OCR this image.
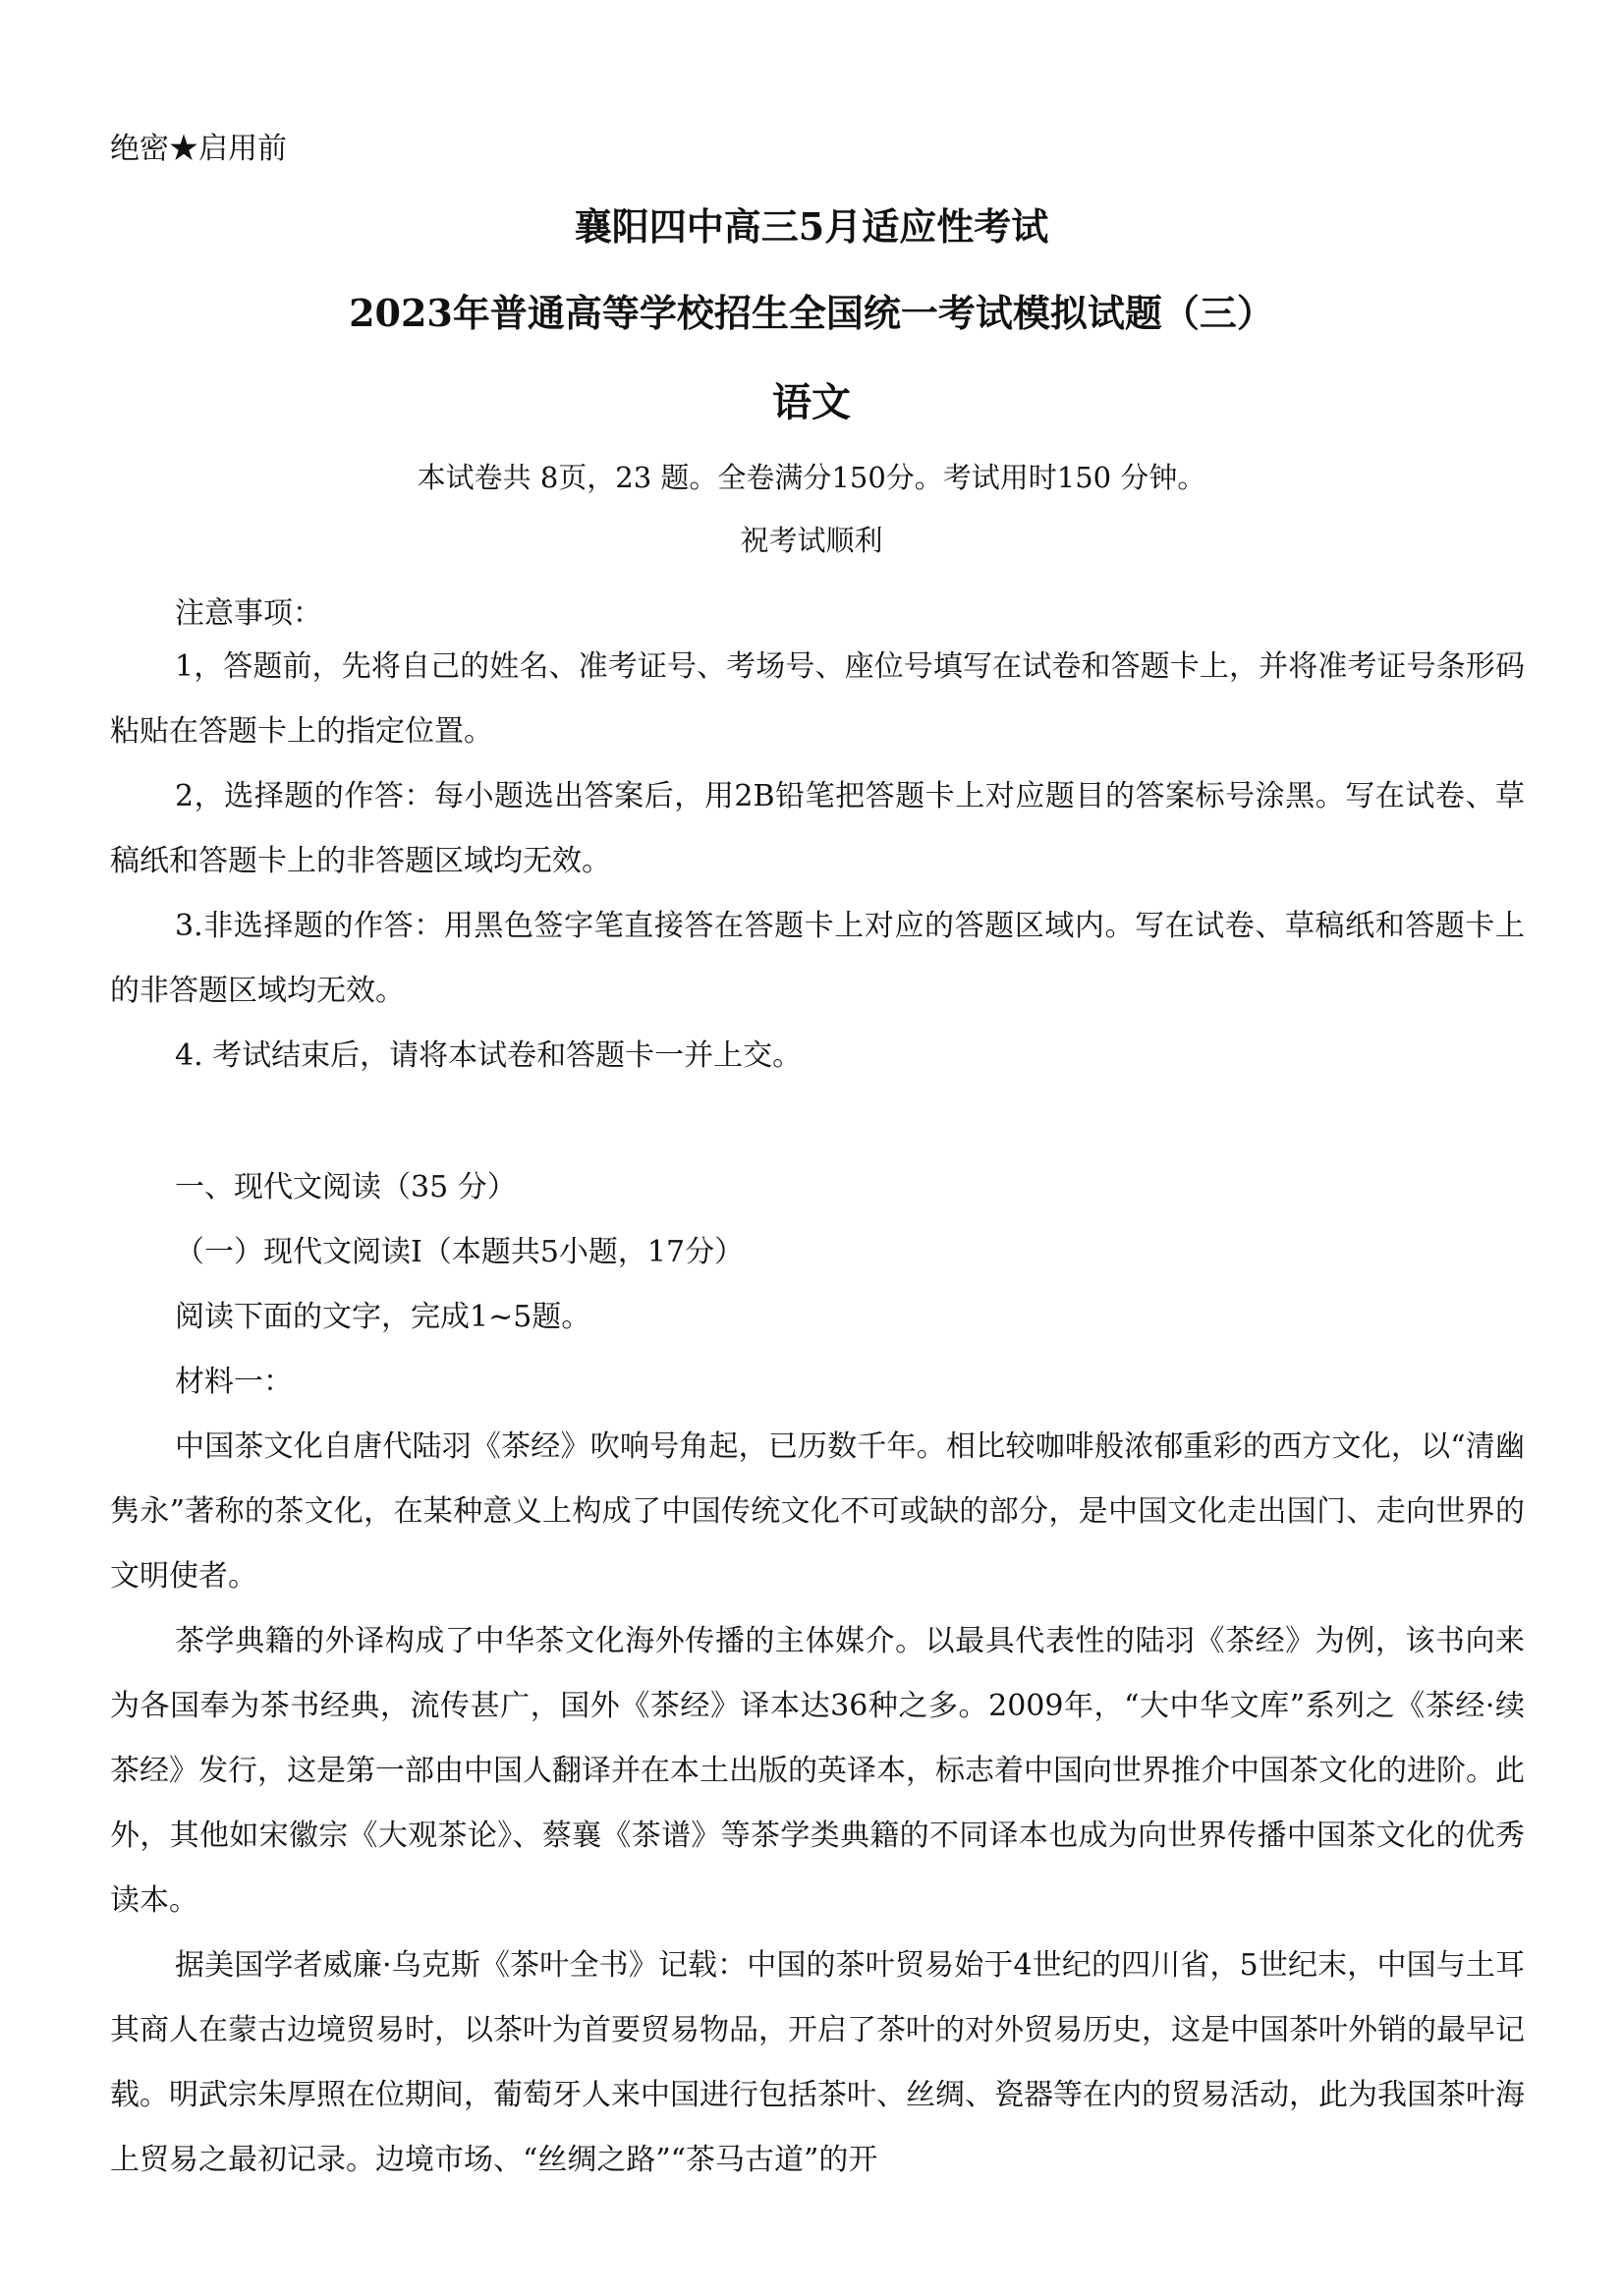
绝密★启用前
襄阳四中高三5月适应性考试
2023年普通高等学校招生全国统一考试模拟试题（三）
语文
本试卷共 8页，23 题。全卷满分150分。考试用时150 分钟。
祝考试顺利

注意事项：

1，答题前，先将自己的姓名、准考证号、考场号、座位号填写在试卷和答题卡上，并将准考证号条形码粘贴在答题卡上的指定位置。

2，选择题的作答：每小题选出答案后，用2B铅笔把答题卡上对应题目的答案标号涂黑。写在试卷、草稿纸和答题卡上的非答题区域均无效。

3.非选择题的作答：用黑色签字笔直接答在答题卡上对应的答题区域内。写在试卷、草稿纸和答题卡上的非答题区域均无效。

4. 考试结束后，请将本试卷和答题卡一并上交。

一、现代文阅读（35 分）

（一）现代文阅读Ⅰ（本题共5小题，17分）

阅读下面的文字，完成1~5题。

材料一：

中国茶文化自唐代陆羽《茶经》吹响号角起，已历数千年。相比较咖啡般浓郁重彩的西方文化，以“清幽隽永”著称的茶文化，在某种意义上构成了中国传统文化不可或缺的部分，是中国文化走出国门、走向世界的文明使者。

茶学典籍的外译构成了中华茶文化海外传播的主体媒介。以最具代表性的陆羽《茶经》为例，该书向来为各国奉为茶书经典，流传甚广，国外《茶经》译本达36种之多。2009年，“大中华文库”系列之《茶经·续茶经》发行，这是第一部由中国人翻译并在本土出版的英译本，标志着中国向世界推介中国茶文化的进阶。此外，其他如宋徽宗《大观茶论》、蔡襄《茶谱》等茶学类典籍的不同译本也成为向世界传播中国茶文化的优秀读本。

据美国学者威廉·乌克斯《茶叶全书》记载：中国的茶叶贸易始于4世纪的四川省，5世纪末，中国与土耳其商人在蒙古边境贸易时，以茶叶为首要贸易物品，开启了茶叶的对外贸易历史，这是中国茶叶外销的最早记载。明武宗朱厚照在位期间，葡萄牙人来中国进行包括茶叶、丝绸、瓷器等在内的贸易活动，此为我国茶叶海上贸易之最初记录。边境市场、“丝绸之路”“茶马古道”的开
